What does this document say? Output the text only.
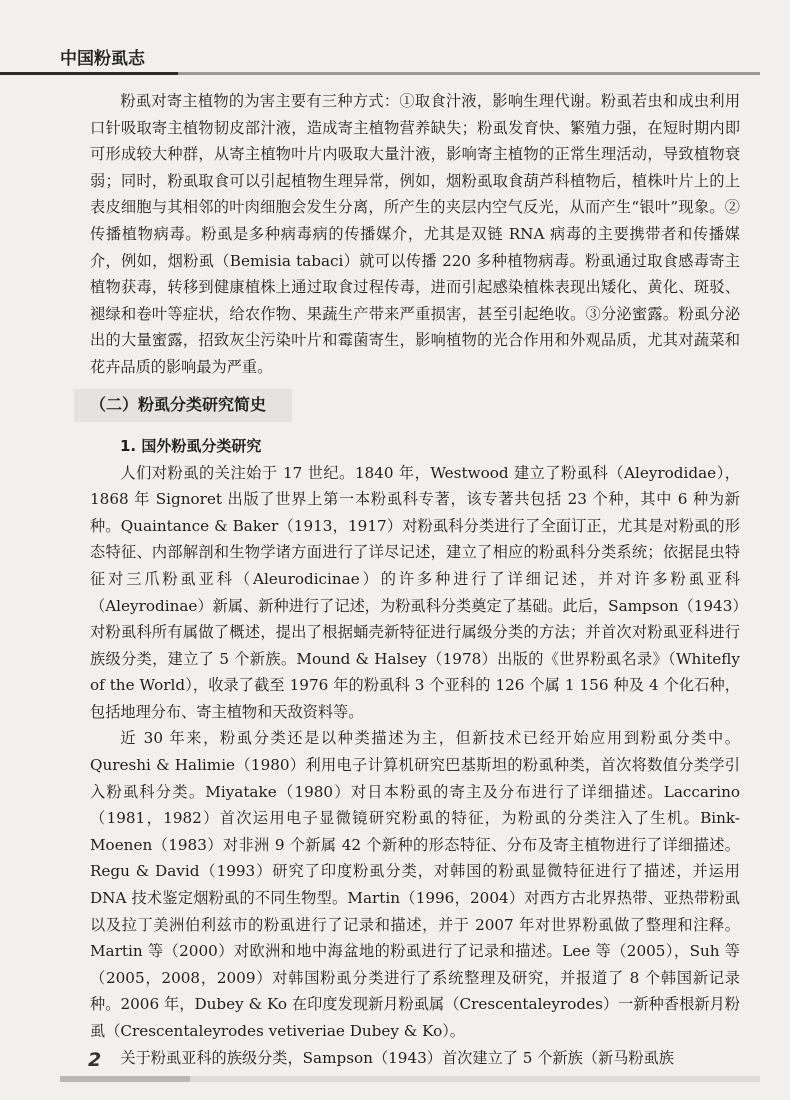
中国粉虱志

粉虱对寄主植物的为害主要有三种方式：①取食汁液，影响生理代谢。粉虱若虫和成虫利用口针吸取寄主植物韧皮部汁液，造成寄主植物营养缺失；粉虱发育快、繁殖力强，在短时期内即可形成较大种群，从寄主植物叶片内吸取大量汁液，影响寄主植物的正常生理活动，导致植物衰弱；同时，粉虱取食可以引起植物生理异常，例如，烟粉虱取食葫芦科植物后，植株叶片上的上表皮细胞与其相邻的叶肉细胞会发生分离，所产生的夹层内空气反光，从而产生“银叶”现象。②传播植物病毒。粉虱是多种病毒病的传播媒介，尤其是双链 RNA 病毒的主要携带者和传播媒介，例如，烟粉虱（Bemisia tabaci）就可以传播 220 多种植物病毒。粉虱通过取食感毒寄主植物获毒，转移到健康植株上通过取食过程传毒，进而引起感染植株表现出矮化、黄化、斑驳、褪绿和卷叶等症状，给农作物、果蔬生产带来严重损害，甚至引起绝收。③分泌蜜露。粉虱分泌出的大量蜜露，招致灰尘污染叶片和霉菌寄生，影响植物的光合作用和外观品质，尤其对蔬菜和花卉品质的影响最为严重。

（二）粉虱分类研究简史

1. 国外粉虱分类研究

人们对粉虱的关注始于 17 世纪。1840 年，Westwood 建立了粉虱科（Aleyrodidae），1868 年 Signoret 出版了世界上第一本粉虱科专著，该专著共包括 23 个种，其中 6 种为新种。Quaintance & Baker（1913，1917）对粉虱科分类进行了全面订正，尤其是对粉虱的形态特征、内部解剖和生物学诸方面进行了详尽记述，建立了相应的粉虱科分类系统；依据昆虫特征对三爪粉虱亚科（Aleurodicinae）的许多种进行了详细记述，并对许多粉虱亚科（Aleyrodinae）新属、新种进行了记述，为粉虱科分类奠定了基础。此后，Sampson（1943）对粉虱科所有属做了概述，提出了根据蛹壳新特征进行属级分类的方法；并首次对粉虱亚科进行族级分类，建立了 5 个新族。Mound & Halsey（1978）出版的《世界粉虱名录》（Whitefly of the World），收录了截至 1976 年的粉虱科 3 个亚科的 126 个属 1 156 种及 4 个化石种，包括地理分布、寄主植物和天敌资料等。

近 30 年来，粉虱分类还是以种类描述为主，但新技术已经开始应用到粉虱分类中。Qureshi & Halimie（1980）利用电子计算机研究巴基斯坦的粉虱种类，首次将数值分类学引入粉虱科分类。Miyatake（1980）对日本粉虱的寄主及分布进行了详细描述。Laccarino（1981，1982）首次运用电子显微镜研究粉虱的特征，为粉虱的分类注入了生机。Bink-Moenen（1983）对非洲 9 个新属 42 个新种的形态特征、分布及寄主植物进行了详细描述。Regu & David（1993）研究了印度粉虱分类，对韩国的粉虱显微特征进行了描述，并运用 DNA 技术鉴定烟粉虱的不同生物型。Martin（1996，2004）对西方古北界热带、亚热带粉虱以及拉丁美洲伯利兹市的粉虱进行了记录和描述，并于 2007 年对世界粉虱做了整理和注释。Martin 等（2000）对欧洲和地中海盆地的粉虱进行了记录和描述。Lee 等（2005），Suh 等（2005，2008，2009）对韩国粉虱分类进行了系统整理及研究，并报道了 8 个韩国新记录种。2006 年，Dubey & Ko 在印度发现新月粉虱属（Crescentaleyrodes）一新种香根新月粉虱（Crescentaleyrodes vetiveriae Dubey & Ko）。

关于粉虱亚科的族级分类，Sampson（1943）首次建立了 5 个新族（新马粉虱族

2
